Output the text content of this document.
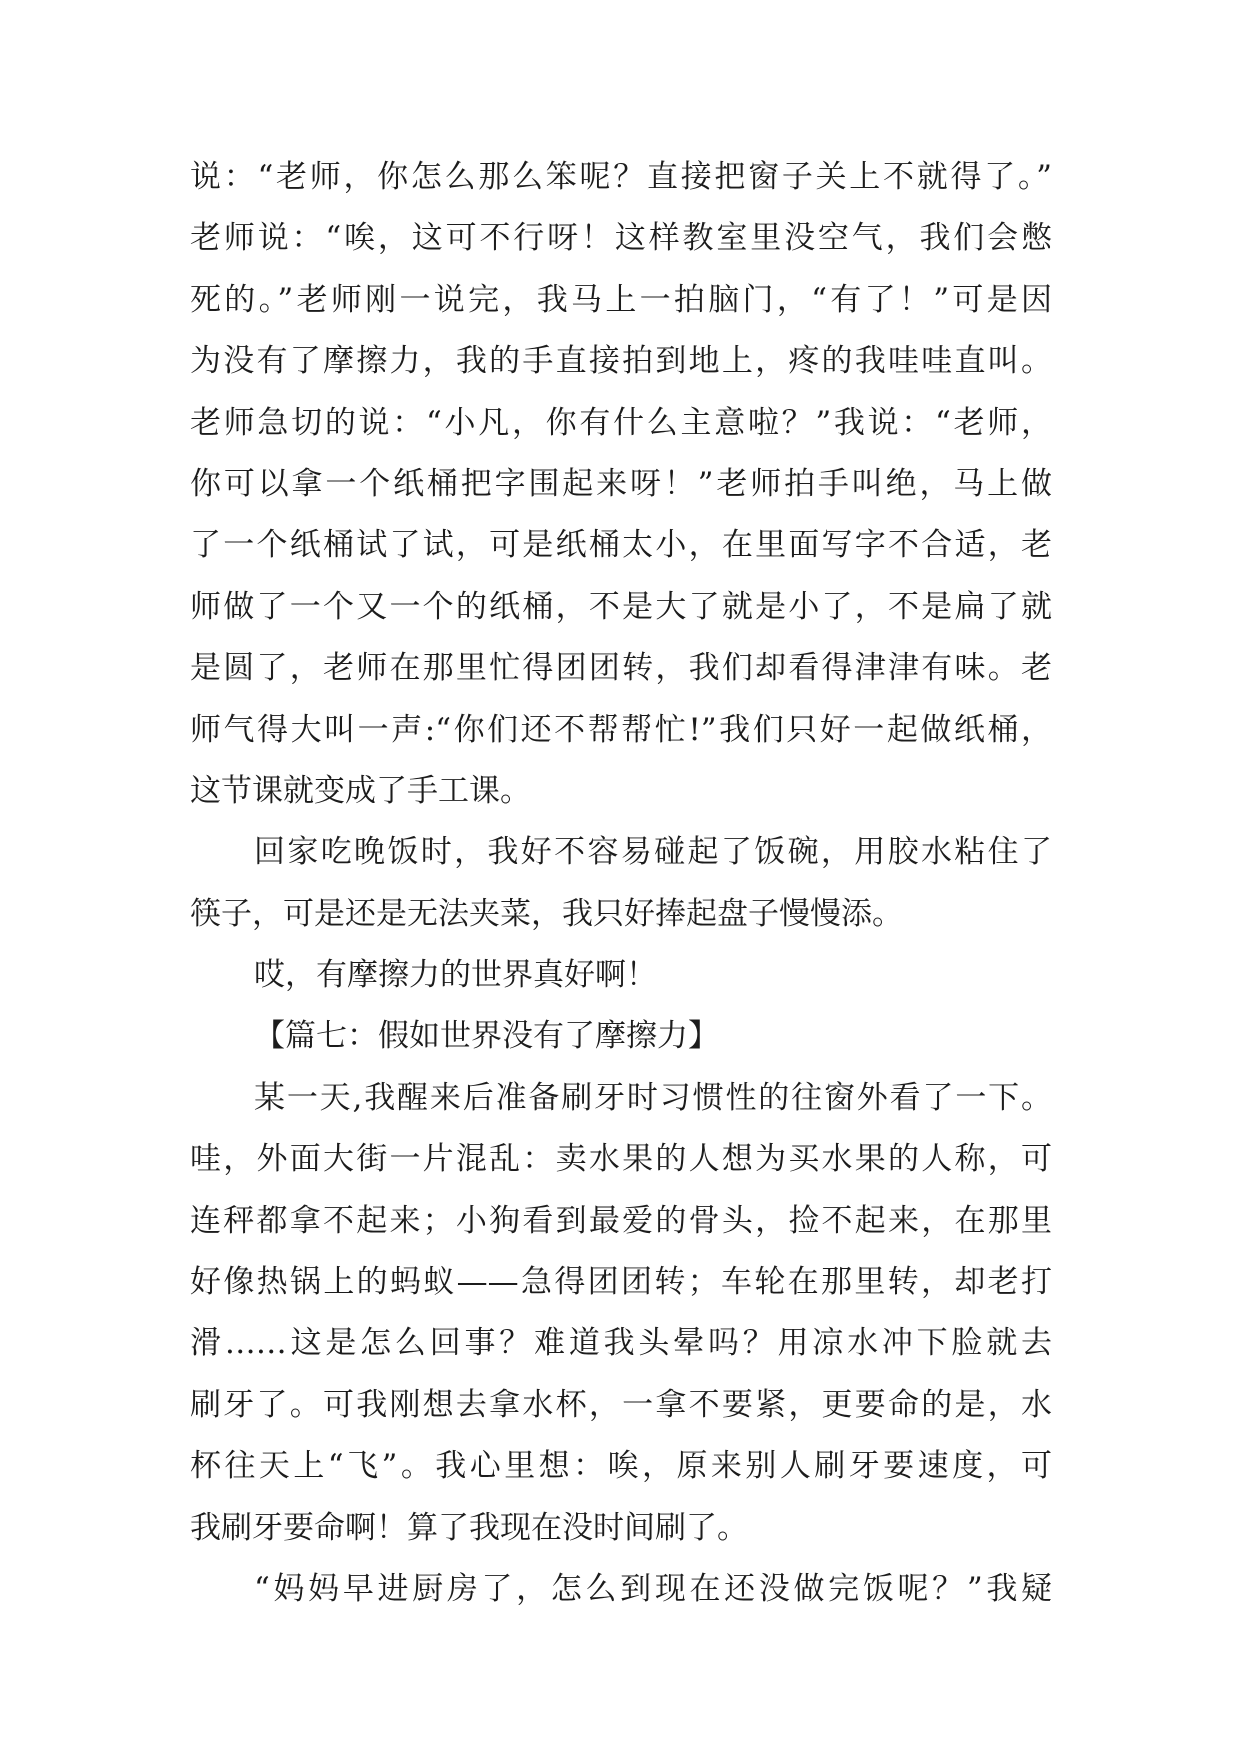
说：“老师，你怎么那么笨呢？直接把窗子关上不就得了。”
老师说：“唉，这可不行呀！这样教室里没空气，我们会憋
死的。”老师刚一说完，我马上一拍脑门，“有了！”可是因
为没有了摩擦力，我的手直接拍到地上，疼的我哇哇直叫。
老师急切的说：“小凡，你有什么主意啦？”我说：“老师，
你可以拿一个纸桶把字围起来呀！”老师拍手叫绝，马上做
了一个纸桶试了试，可是纸桶太小，在里面写字不合适，老
师做了一个又一个的纸桶，不是大了就是小了，不是扁了就
是圆了，老师在那里忙得团团转，我们却看得津津有味。老
师气得大叫一声:“你们还不帮帮忙!”我们只好一起做纸桶，
这节课就变成了手工课。
回家吃晚饭时，我好不容易碰起了饭碗，用胶水粘住了
筷子，可是还是无法夹菜，我只好捧起盘子慢慢添。
哎，有摩擦力的世界真好啊！
【篇七：假如世界没有了摩擦力】
某一天,我醒来后准备刷牙时习惯性的往窗外看了一下。
哇，外面大街一片混乱：卖水果的人想为买水果的人称，可
连秤都拿不起来；小狗看到最爱的骨头，捡不起来，在那里
好像热锅上的蚂蚁——急得团团转；车轮在那里转，却老打
滑……这是怎么回事？难道我头晕吗？用凉水冲下脸就去
刷牙了。可我刚想去拿水杯，一拿不要紧，更要命的是，水
杯往天上“飞”。我心里想：唉，原来别人刷牙要速度，可
我刷牙要命啊！算了我现在没时间刷了。
“妈妈早进厨房了，怎么到现在还没做完饭呢？”我疑
